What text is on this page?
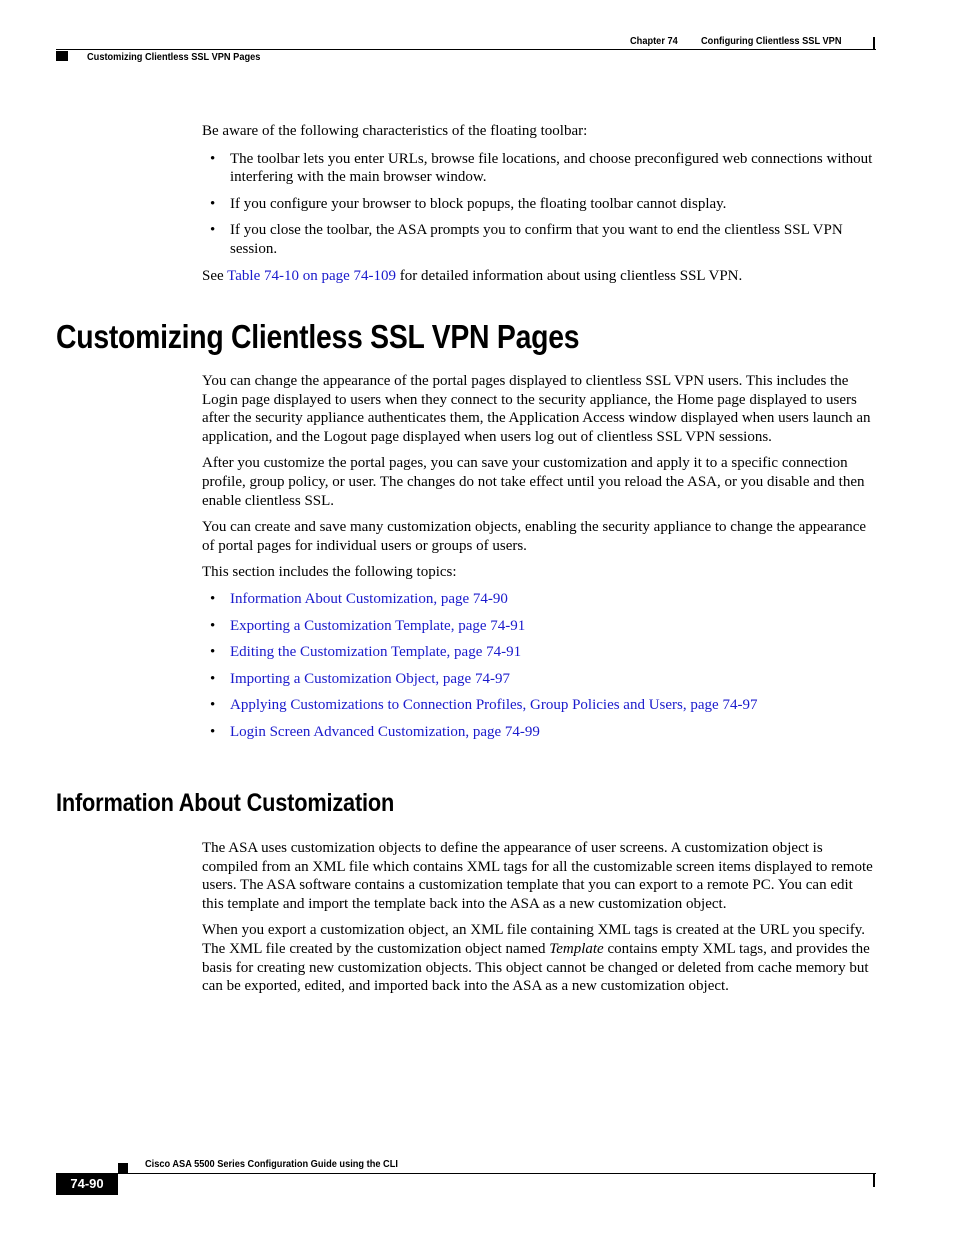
Chapter 74 Configuring Clientless SSL VPN
Customizing Clientless SSL VPN Pages

Be aware of the following characteristics of the floating toolbar:

• The toolbar lets you enter URLs, browse file locations, and choose preconfigured web connections without interfering with the main browser window.
• If you configure your browser to block popups, the floating toolbar cannot display.
• If you close the toolbar, the ASA prompts you to confirm that you want to end the clientless SSL VPN session.

See Table 74-10 on page 74-109 for detailed information about using clientless SSL VPN.

Customizing Clientless SSL VPN Pages

You can change the appearance of the portal pages displayed to clientless SSL VPN users. This includes the Login page displayed to users when they connect to the security appliance, the Home page displayed to users after the security appliance authenticates them, the Application Access window displayed when users launch an application, and the Logout page displayed when users log out of clientless SSL VPN sessions.

After you customize the portal pages, you can save your customization and apply it to a specific connection profile, group policy, or user. The changes do not take effect until you reload the ASA, or you disable and then enable clientless SSL.

You can create and save many customization objects, enabling the security appliance to change the appearance of portal pages for individual users or groups of users.

This section includes the following topics:

• Information About Customization, page 74-90
• Exporting a Customization Template, page 74-91
• Editing the Customization Template, page 74-91
• Importing a Customization Object, page 74-97
• Applying Customizations to Connection Profiles, Group Policies and Users, page 74-97
• Login Screen Advanced Customization, page 74-99
Information About Customization

The ASA uses customization objects to define the appearance of user screens. A customization object is compiled from an XML file which contains XML tags for all the customizable screen items displayed to remote users. The ASA software contains a customization template that you can export to a remote PC. You can edit this template and import the template back into the ASA as a new customization object.

When you export a customization object, an XML file containing XML tags is created at the URL you specify. The XML file created by the customization object named Template contains empty XML tags, and provides the basis for creating new customization objects. This object cannot be changed or deleted from cache memory but can be exported, edited, and imported back into the ASA as a new customization object.

Cisco ASA 5500 Series Configuration Guide using the CLI
74-90
